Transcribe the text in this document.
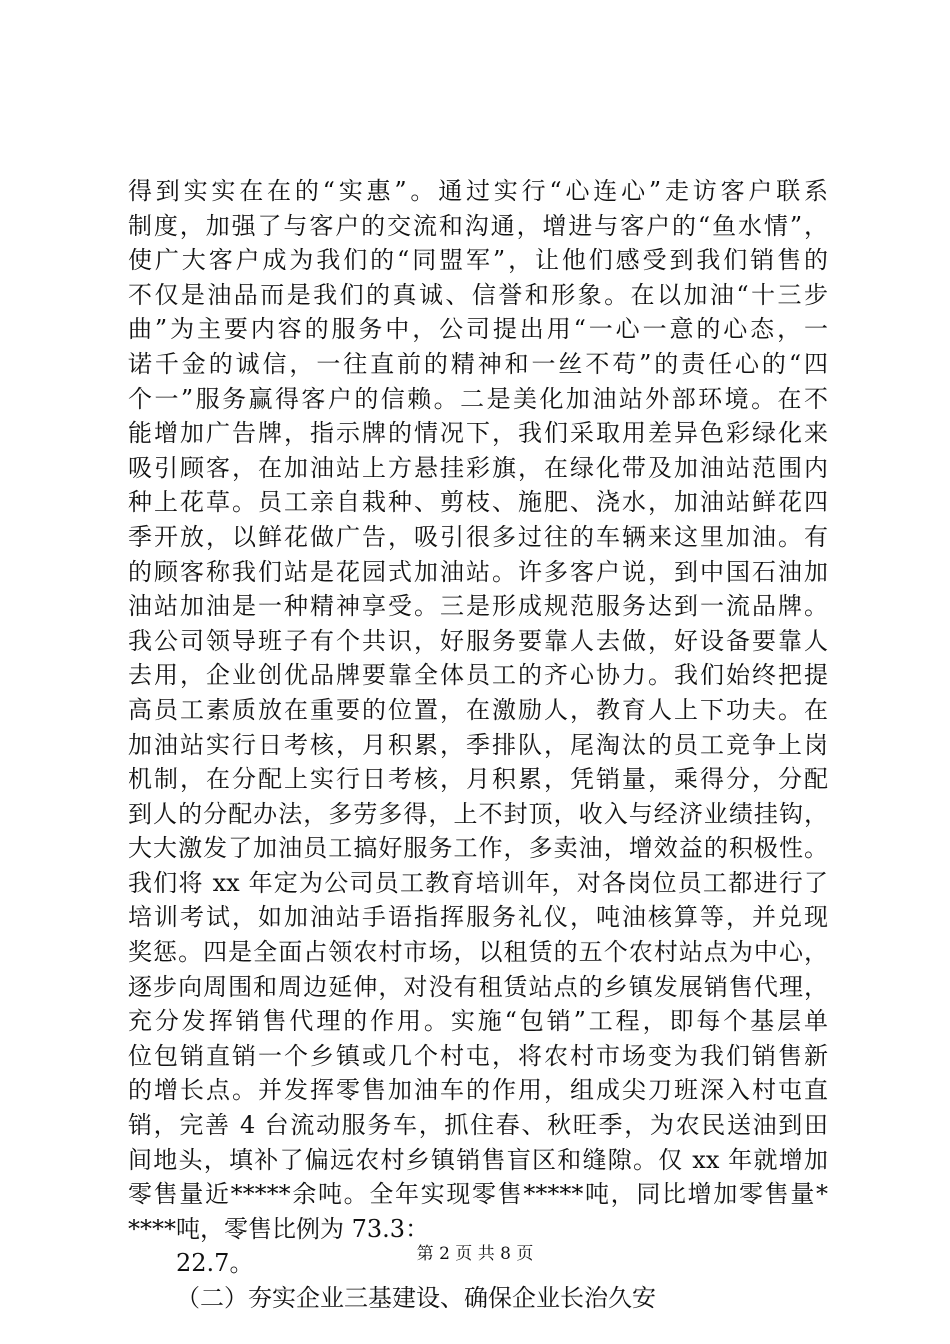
得到实实在在的“实惠”。通过实行“心连心”走访客户联系
制度，加强了与客户的交流和沟通，增进与客户的“鱼水情”，
使广大客户成为我们的“同盟军”，让他们感受到我们销售的
不仅是油品而是我们的真诚、信誉和形象。在以加油“十三步
曲”为主要内容的服务中，公司提出用“一心一意的心态，一
诺千金的诚信，一往直前的精神和一丝不苟”的责任心的“四
个一”服务赢得客户的信赖。二是美化加油站外部环境。在不
能增加广告牌，指示牌的情况下，我们采取用差异色彩绿化来
吸引顾客，在加油站上方悬挂彩旗，在绿化带及加油站范围内
种上花草。员工亲自栽种、剪枝、施肥、浇水，加油站鲜花四
季开放，以鲜花做广告，吸引很多过往的车辆来这里加油。有
的顾客称我们站是花园式加油站。许多客户说，到中国石油加
油站加油是一种精神享受。三是形成规范服务达到一流品牌。
我公司领导班子有个共识，好服务要靠人去做，好设备要靠人
去用，企业创优品牌要靠全体员工的齐心协力。我们始终把提
高员工素质放在重要的位置，在激励人，教育人上下功夫。在
加油站实行日考核，月积累，季排队，尾淘汰的员工竞争上岗
机制，在分配上实行日考核，月积累，凭销量，乘得分，分配
到人的分配办法，多劳多得，上不封顶，收入与经济业绩挂钩，
大大激发了加油员工搞好服务工作，多卖油，增效益的积极性。
我们将 xx 年定为公司员工教育培训年，对各岗位员工都进行了
培训考试，如加油站手语指挥服务礼仪，吨油核算等，并兑现
奖惩。四是全面占领农村市场，以租赁的五个农村站点为中心，
逐步向周围和周边延伸，对没有租赁站点的乡镇发展销售代理，
充分发挥销售代理的作用。实施“包销”工程，即每个基层单
位包销直销一个乡镇或几个村屯，将农村市场变为我们销售新
的增长点。并发挥零售加油车的作用，组成尖刀班深入村屯直
销，完善 4 台流动服务车，抓住春、秋旺季，为农民送油到田
间地头，填补了偏远农村乡镇销售盲区和缝隙。仅 xx 年就增加
零售量近*****余吨。全年实现零售*****吨，同比增加零售量*
****吨，零售比例为 73.3：
22.7。
（二）夯实企业三基建设、确保企业长治久安
第 2 页 共 8 页
